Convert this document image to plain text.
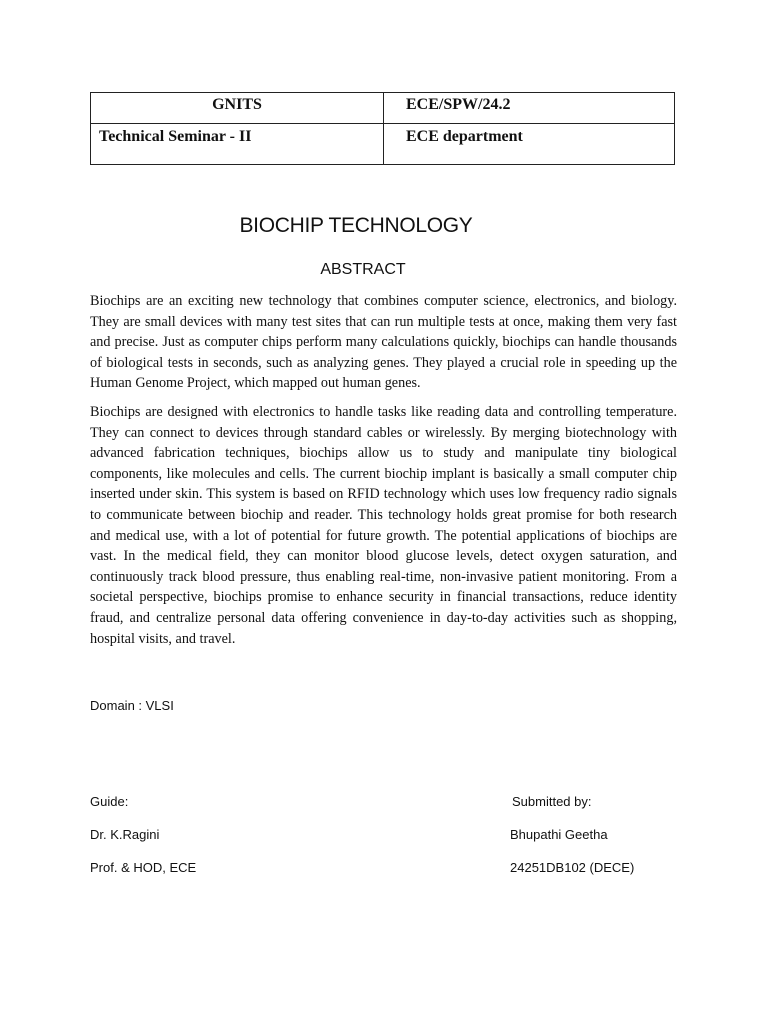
GNITS	ECE/SPW/24.2
Technical Seminar - II	ECE department
BIOCHIP TECHNOLOGY
ABSTRACT

Biochips are an exciting new technology that combines computer science, electronics, and biology. They are small devices with many test sites that can run multiple tests at once, making them very fast and precise. Just as computer chips perform many calculations quickly, biochips can handle thousands of biological tests in seconds, such as analyzing genes. They played a crucial role in speeding up the Human Genome Project, which mapped out human genes.

Biochips are designed with electronics to handle tasks like reading data and controlling temperature. They can connect to devices through standard cables or wirelessly. By merging biotechnology with advanced fabrication techniques, biochips allow us to study and manipulate tiny biological components, like molecules and cells. The current biochip implant is basically a small computer chip inserted under skin. This system is based on RFID technology which uses low frequency radio signals to communicate between biochip and reader. This technology holds great promise for both research and medical use, with a lot of potential for future growth. The potential applications of biochips are vast. In the medical field, they can monitor blood glucose levels, detect oxygen saturation, and continuously track blood pressure, thus enabling real-time, non-invasive patient monitoring. From a societal perspective, biochips promise to enhance security in financial transactions, reduce identity fraud, and centralize personal data offering convenience in day-to-day activities such as shopping, hospital visits, and travel.

Domain : VLSI
Guide:
Dr. K.Ragini
Prof. & HOD, ECE
Submitted by:
Bhupathi Geetha
24251DB102 (DECE)
